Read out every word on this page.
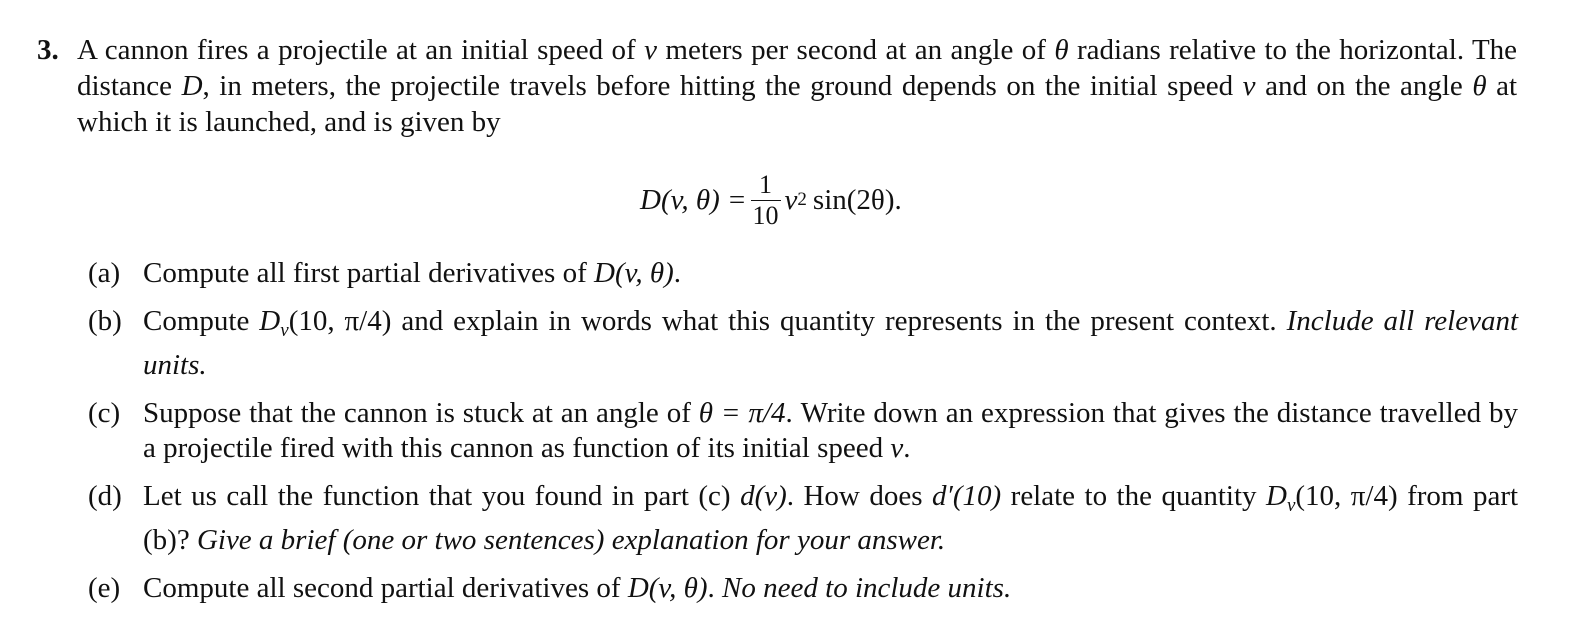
3. A cannon fires a projectile at an initial speed of v meters per second at an angle of θ radians relative to the horizontal. The distance D, in meters, the projectile travels before hitting the ground depends on the initial speed v and on the angle θ at which it is launched, and is given by
D(v, $\theta) = \frac{1}{10}$ v 2 sin(2θ).
(a) Compute all first partial derivatives of D(v, θ).
(b) Compute $D_v(10$, π/4) and explain in words what this quantity represents in the present context. Include all relevant units.
(c) Suppose that the cannon is stuck at an angle of θ = π/4. Write down an expression that gives the distance travelled by a projectile fired with this cannon as function of its initial speed v.
(d) Let us call the function that you found in part (c) d(v). How does d′(10) relate to the quantity $D_v(10$, π/4) from part (b)? Give a brief (one or two sentences) explanation for your answer.
(e) Compute all second partial derivatives of D(v, θ). No need to include units.
